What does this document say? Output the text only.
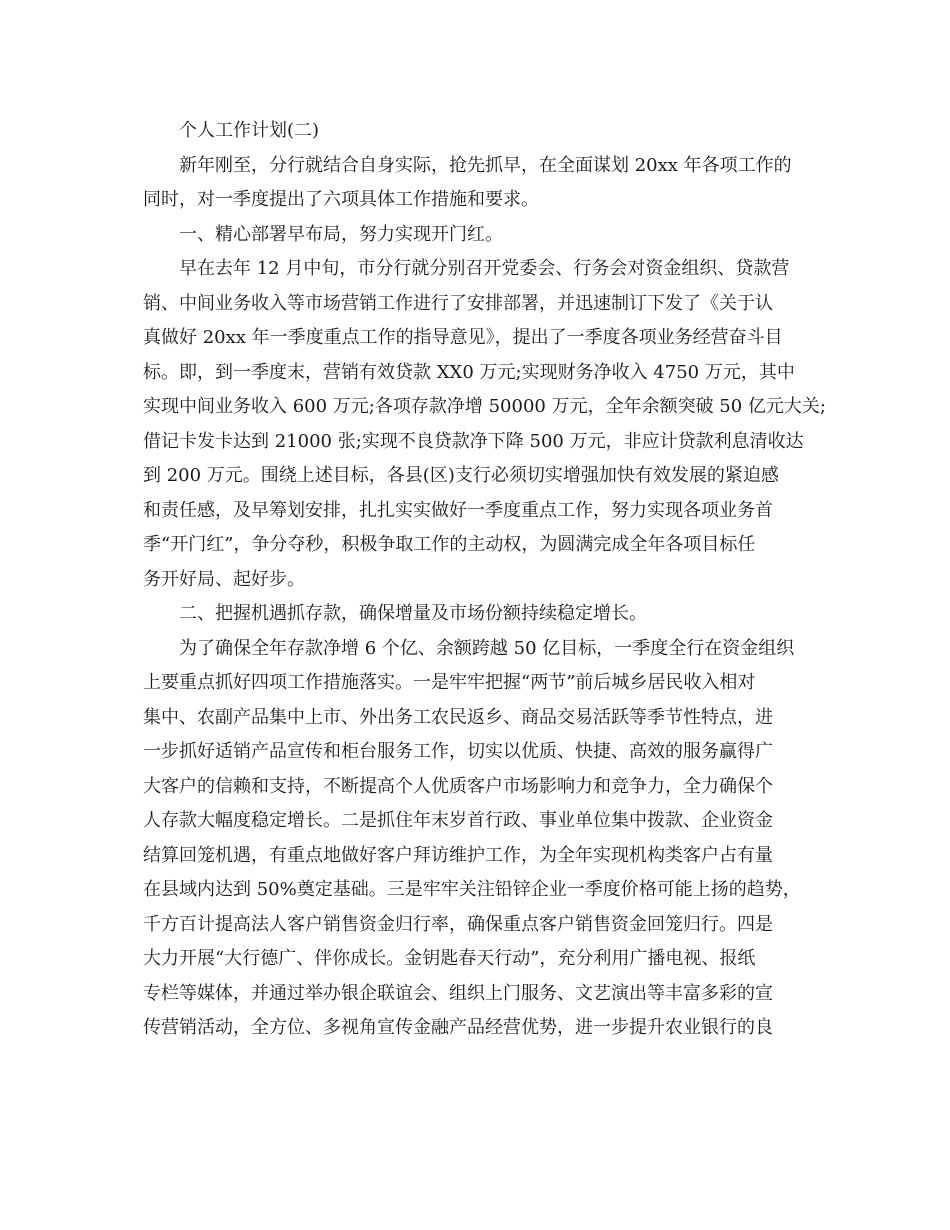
个人工作计划(二)
新年刚至，分行就结合自身实际，抢先抓早，在全面谋划 20xx 年各项工作的
同时，对一季度提出了六项具体工作措施和要求。
一、精心部署早布局，努力实现开门红。
早在去年 12 月中旬，市分行就分别召开党委会、行务会对资金组织、贷款营
销、中间业务收入等市场营销工作进行了安排部署，并迅速制订下发了《关于认
真做好 20xx 年一季度重点工作的指导意见》，提出了一季度各项业务经营奋斗目
标。即，到一季度末，营销有效贷款 XX0 万元;实现财务净收入 4750 万元，其中
实现中间业务收入 600 万元;各项存款净增 50000 万元，全年余额突破 50 亿元大关;
借记卡发卡达到 21000 张;实现不良贷款净下降 500 万元，非应计贷款利息清收达
到 200 万元。围绕上述目标，各县(区)支行必须切实增强加快有效发展的紧迫感
和责任感，及早筹划安排，扎扎实实做好一季度重点工作，努力实现各项业务首
季“开门红”，争分夺秒，积极争取工作的主动权，为圆满完成全年各项目标任
务开好局、起好步。
二、把握机遇抓存款，确保增量及市场份额持续稳定增长。
为了确保全年存款净增 6 个亿、余额跨越 50 亿目标，一季度全行在资金组织
上要重点抓好四项工作措施落实。一是牢牢把握“两节”前后城乡居民收入相对
集中、农副产品集中上市、外出务工农民返乡、商品交易活跃等季节性特点，进
一步抓好适销产品宣传和柜台服务工作，切实以优质、快捷、高效的服务赢得广
大客户的信赖和支持，不断提高个人优质客户市场影响力和竞争力，全力确保个
人存款大幅度稳定增长。二是抓住年末岁首行政、事业单位集中拨款、企业资金
结算回笼机遇，有重点地做好客户拜访维护工作，为全年实现机构类客户占有量
在县域内达到 50%奠定基础。三是牢牢关注铅锌企业一季度价格可能上扬的趋势，
千方百计提高法人客户销售资金归行率，确保重点客户销售资金回笼归行。四是
大力开展“大行德广、伴你成长。金钥匙春天行动”，充分利用广播电视、报纸
专栏等媒体，并通过举办银企联谊会、组织上门服务、文艺演出等丰富多彩的宣
传营销活动，全方位、多视角宣传金融产品经营优势，进一步提升农业银行的良
